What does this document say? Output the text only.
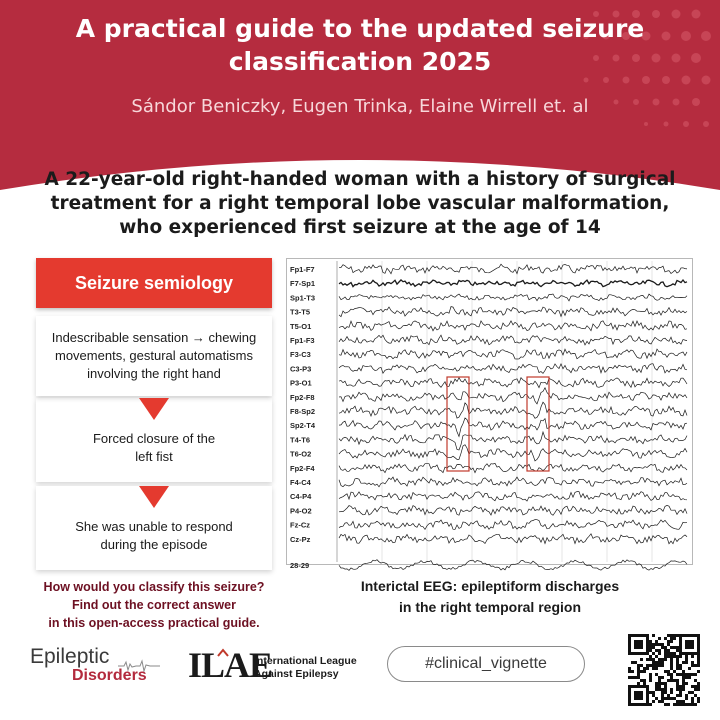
A practical guide to the updated seizure
classification 2025
Sándor Beniczky, Eugen Trinka, Elaine Wirrell et. al
A 22-year-old right-handed woman with a history of surgical
treatment for a right temporal lobe vascular malformation,
who experienced first seizure at the age of 14
Seizure semiology
Indescribable sensation → chewing
movements, gestural automatisms
involving the right hand
Forced closure of the
left fist
She was unable to respond
during the episode
How would you classify this seizure?
Find out the correct answer
in this open-access practical guide.
Fp1-F7
F7-Sp1
Sp1-T3
T3-T5
T5-O1
Fp1-F3
F3-C3
C3-P3
P3-O1
Fp2-F8
F8-Sp2
Sp2-T4
T4-T6
T6-O2
Fp2-F4
F4-C4
C4-P4
P4-O2
Fz-Cz
Cz-Pz
28-29
Interictal EEG: epileptiform discharges
in the right temporal region
Epileptic
Disorders ILAE
International League
Against Epilepsy
#clinical_vignette
